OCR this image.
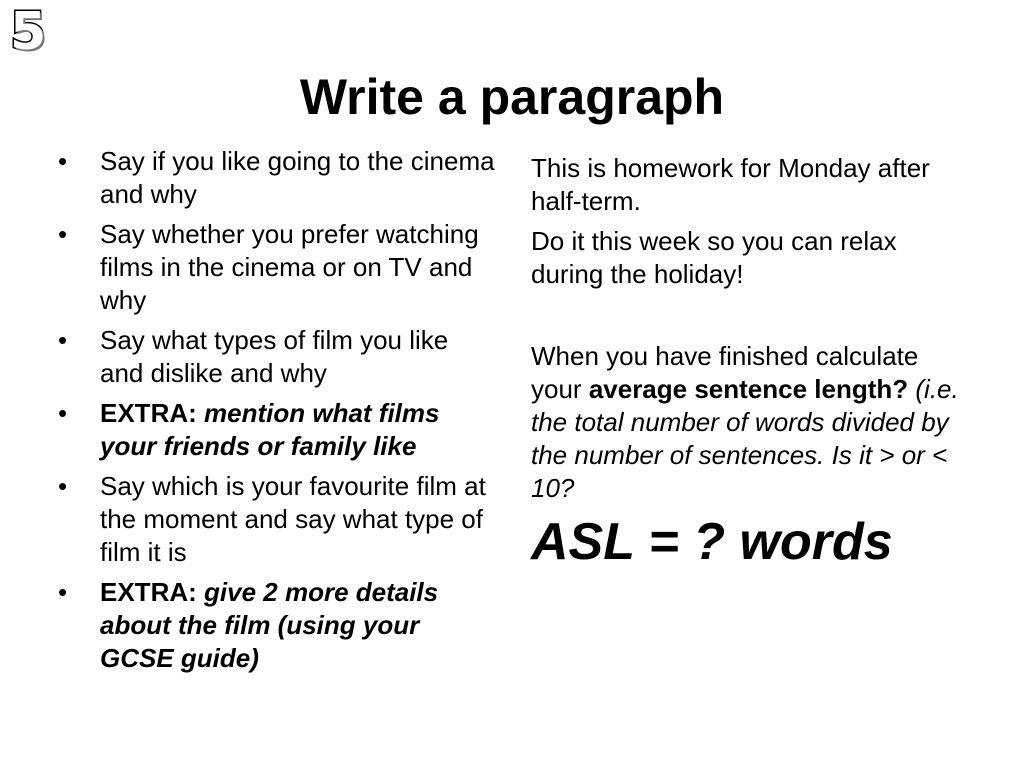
5
Write a paragraph
• Say if you like going to the cinema and why
• Say whether you prefer watching films in the cinema or on TV and why
• Say what types of film you like and dislike and why
• EXTRA: mention what films your friends or family like
• Say which is your favourite film at the moment and say what type of film it is
• EXTRA: give 2 more details about the film (using your GCSE guide)

This is homework for Monday after half-term.

Do it this week so you can relax during the holiday!

When you have finished calculate your average sentence length? (i.e. the total number of words divided by the number of sentences. Is it > or < 10?

ASL = ? words
